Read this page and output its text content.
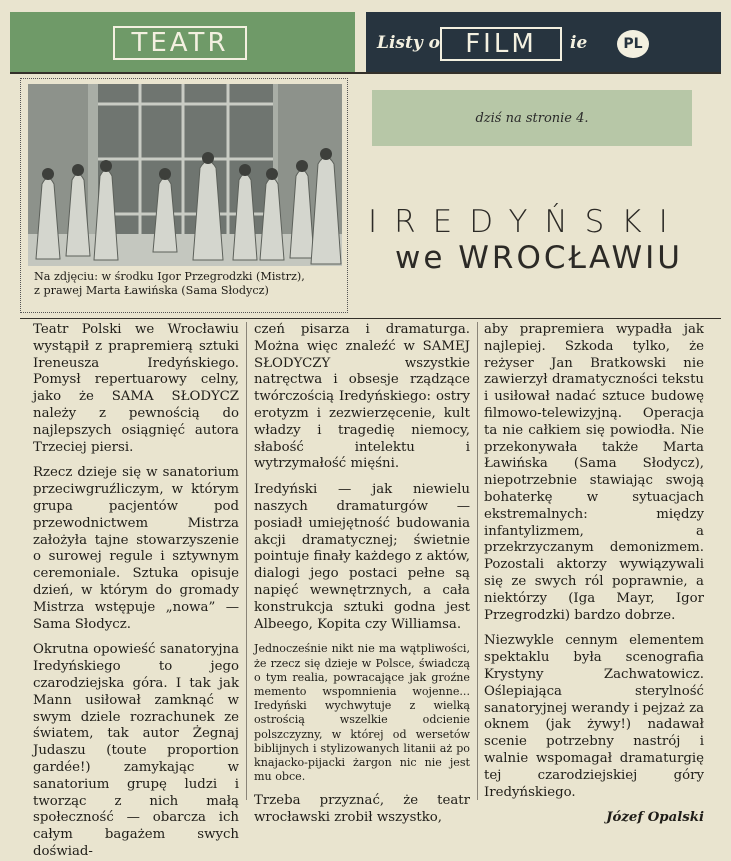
TEATR	Listy o FILM	ie	PL
dziś na stronie 4.
Na zdjęciu: w środku Igor Przegrodzki (Mistrz),
z prawej Marta Ławińska (Sama Słodycz)
IREDYŃSKI
we WROCŁAWIU

Teatr Polski we Wrocławiu wystąpił z prapremierą sztuki Ireneusza Iredyńskiego. Pomysł repertuarowy celny, jako że SAMA SŁODYCZ należy z pewnością do najlepszych osiągnięć autora Trzeciej piersi.

Rzecz dzieje się w sanatorium przeciwgruźliczym, w którym grupa pacjentów pod przewodnictwem Mistrza założyła tajne stowarzyszenie o surowej regule i sztywnym ceremoniale. Sztuka opisuje dzień, w którym do gromady Mistrza wstępuje „nowa” — Sama Słodycz.

Okrutna opowieść sanatoryjna Iredyńskiego to jego czarodziejska góra. I tak jak Mann usiłował zamknąć w swym dziele rozrachunek ze światem, tak autor Żegnaj Judaszu (toute proportion gardée!) zamykając w sanatorium grupę ludzi i tworząc z nich małą społeczność — obarcza ich całym bagażem swych doświad-

czeń pisarza i dramaturga. Można więc znaleźć w SAMEJ SŁODYCZY wszystkie natręctwa i obsesje rządzące twórczością Iredyńskiego: ostry erotyzm i zezwierzęcenie, kult władzy i tragedię niemocy, słabość intelektu i wytrzymałość mięśni.

Iredyński — jak niewielu naszych dramaturgów — posiadł umiejętność budowania akcji dramatycznej; świetnie pointuje finały każdego z aktów, dialogi jego postaci pełne są napięć wewnętrznych, a cała konstrukcja sztuki godna jest Albeego, Kopita czy Williamsa.

Jednocześnie nikt nie ma wątpliwości, że rzecz się dzieje w Polsce, świadczą o tym realia, powracające jak groźne memento wspomnienia wojenne... Iredyński wychwytuje z wielką ostrością wszelkie odcienie polszczyzny, w której od wersetów biblijnych i stylizowanych litanii aż po knajacko-pijacki żargon nic nie jest mu obce.

Trzeba przyznać, że teatr wrocławski zrobił wszystko,

aby prapremiera wypadła jak najlepiej. Szkoda tylko, że reżyser Jan Bratkowski nie zawierzył dramatyczności tekstu i usiłował nadać sztuce budowę filmowo-telewizyjną. Operacja ta nie całkiem się powiodła. Nie przekonywała także Marta Ławińska (Sama Słodycz), niepotrzebnie stawiając swoją bohaterkę w sytuacjach ekstremalnych: między infantylizmem, a przekrzyczanym demonizmem. Pozostali aktorzy wywiązywali się ze swych ról poprawnie, a niektórzy (Iga Mayr, Igor Przegrodzki) bardzo dobrze.

Niezwykle cennym elementem spektaklu była scenografia Krystyny Zachwatowicz. Oślepiająca sterylność sanatoryjnej werandy i pejzaż za oknem (jak żywy!) nadawał scenie potrzebny nastrój i walnie wspomagał dramaturgię tej czarodziejskiej góry Iredyńskiego.

Józef Opalski
